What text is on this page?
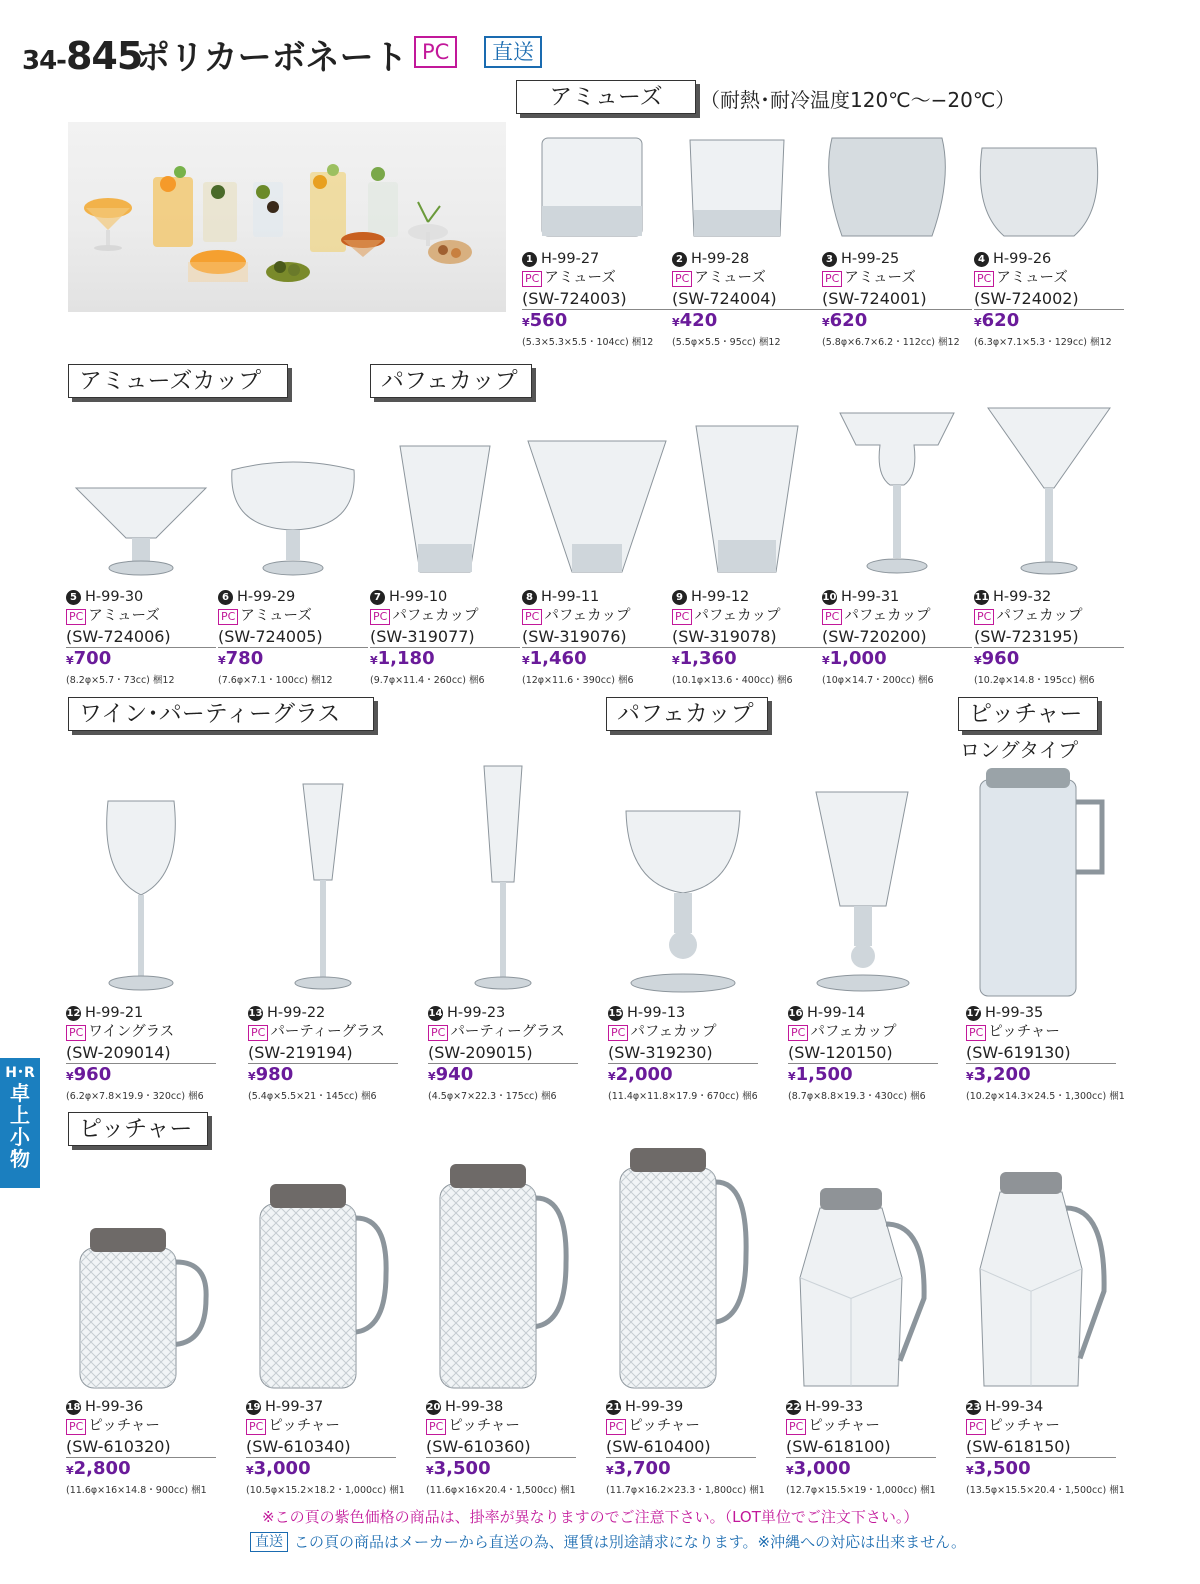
34-845
ポリカーボネート PC	直送
アミューズ	（耐熱･耐冷温度120℃〜−20℃）
アミューズカップ	パフェカップ
ワイン･パーティーグラス	パフェカップ	ピッチャー
ロングタイプ
ピッチャー
1 H-99-27
PC アミューズ
(SW-724003)
¥560
(5.3×5.3×5.5・104cc) 梱12
2 H-99-28
PC アミューズ
(SW-724004)
¥420
(5.5φ×5.5・95cc) 梱12
3 H-99-25
PC アミューズ
(SW-724001)
¥620
(5.8φ×6.7×6.2・112cc) 梱12
4 H-99-26
PC アミューズ
(SW-724002)
¥620
(6.3φ×7.1×5.3・129cc) 梱12
5 H-99-30
PC アミューズ
(SW-724006)
¥700
(8.2φ×5.7・73cc) 梱12
6 H-99-29
PC アミューズ
(SW-724005)
¥780
(7.6φ×7.1・100cc) 梱12
7 H-99-10
PC パフェカップ
(SW-319077)
¥1,180
(9.7φ×11.4・260cc) 梱6
8 H-99-11
PC パフェカップ
(SW-319076)
¥1,460
(12φ×11.6・390cc) 梱6
9 H-99-12
PC パフェカップ
(SW-319078)
¥1,360
(10.1φ×13.6・400cc) 梱6
10 H-99-31
PC パフェカップ
(SW-720200)
¥1,000
(10φ×14.7・200cc) 梱6
11 H-99-32
PC パフェカップ
(SW-723195)
¥960
(10.2φ×14.8・195cc) 梱6
12 H-99-21
PC ワイングラス
(SW-209014)
¥960
(6.2φ×7.8×19.9・320cc) 梱6
13 H-99-22
PC パーティーグラス
(SW-219194)
¥980
(5.4φ×5.5×21・145cc) 梱6
14 H-99-23
PC パーティーグラス
(SW-209015)
¥940
(4.5φ×7×22.3・175cc) 梱6
15 H-99-13
PC パフェカップ
(SW-319230)
¥2,000
(11.4φ×11.8×17.9・670cc) 梱6
16 H-99-14
PC パフェカップ
(SW-120150)
¥1,500
(8.7φ×8.8×19.3・430cc) 梱6
17 H-99-35
PC ピッチャー
(SW-619130)
¥3,200
(10.2φ×14.3×24.5・1,300cc) 梱1
18 H-99-36
PC ピッチャー
(SW-610320)
¥2,800
(11.6φ×16×14.8・900cc) 梱1
19 H-99-37
PC ピッチャー
(SW-610340)
¥3,000
(10.5φ×15.2×18.2・1,000cc) 梱1
20 H-99-38
PC ピッチャー
(SW-610360)
¥3,500
(11.6φ×16×20.4・1,500cc) 梱1
21 H-99-39
PC ピッチャー
(SW-610400)
¥3,700
(11.7φ×16.2×23.3・1,800cc) 梱1
22 H-99-33
PC ピッチャー
(SW-618100)
¥3,000
(12.7φ×15.5×19・1,000cc) 梱1
23 H-99-34
PC ピッチャー
(SW-618150)
¥3,500
(13.5φ×15.5×20.4・1,500cc) 梱1
H･R
卓
上
小
物
※この頁の紫色価格の商品は、掛率が異なりますのでご注意下さい。（LOT単位でご注文下さい。）
直送 この頁の商品はメーカーから直送の為、運賃は別途請求になります。※沖縄への対応は出来ません。
